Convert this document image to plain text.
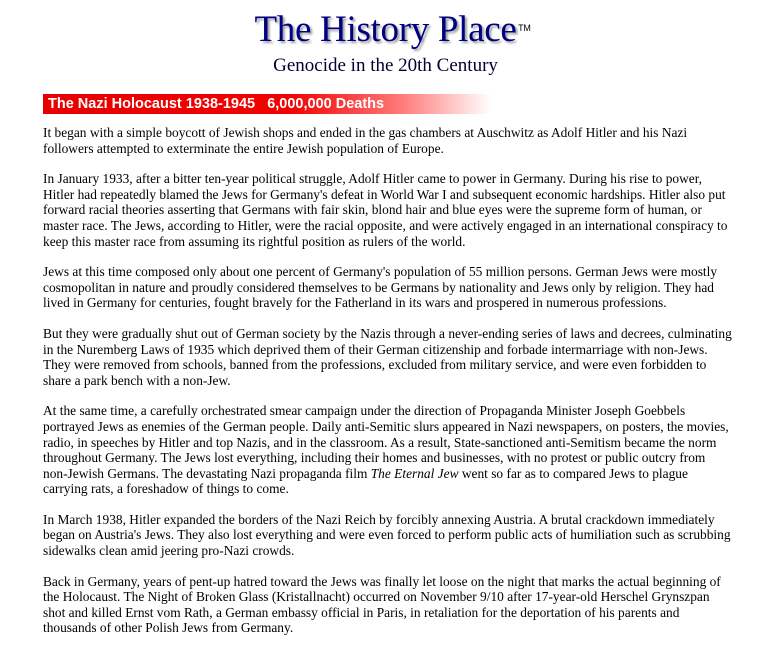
The History Place TM
Genocide in the 20th Century
The Nazi Holocaust 1938-1945   6,000,000 Deaths

It began with a simple boycott of Jewish shops and ended in the gas chambers at Auschwitz as Adolf Hitler and his Nazi followers attempted to exterminate the entire Jewish population of Europe.

In January 1933, after a bitter ten-year political struggle, Adolf Hitler came to power in Germany. During his rise to power, Hitler had repeatedly blamed the Jews for Germany's defeat in World War I and subsequent economic hardships. Hitler also put forward racial theories asserting that Germans with fair skin, blond hair and blue eyes were the supreme form of human, or master race. The Jews, according to Hitler, were the racial opposite, and were actively engaged in an international conspiracy to keep this master race from assuming its rightful position as rulers of the world.

Jews at this time composed only about one percent of Germany's population of 55 million persons. German Jews were mostly cosmopolitan in nature and proudly considered themselves to be Germans by nationality and Jews only by religion. They had lived in Germany for centuries, fought bravely for the Fatherland in its wars and prospered in numerous professions.

But they were gradually shut out of German society by the Nazis through a never-ending series of laws and decrees, culminating in the Nuremberg Laws of 1935 which deprived them of their German citizenship and forbade intermarriage with non-Jews. They were removed from schools, banned from the professions, excluded from military service, and were even forbidden to share a park bench with a non-Jew.

At the same time, a carefully orchestrated smear campaign under the direction of Propaganda Minister Joseph Goebbels portrayed Jews as enemies of the German people. Daily anti-Semitic slurs appeared in Nazi newspapers, on posters, the movies, radio, in speeches by Hitler and top Nazis, and in the classroom. As a result, State-sanctioned anti-Semitism became the norm throughout Germany. The Jews lost everything, including their homes and businesses, with no protest or public outcry from non-Jewish Germans. The devastating Nazi propaganda film The Eternal Jew went so far as to compared Jews to plague carrying rats, a foreshadow of things to come.

In March 1938, Hitler expanded the borders of the Nazi Reich by forcibly annexing Austria. A brutal crackdown immediately began on Austria's Jews. They also lost everything and were even forced to perform public acts of humiliation such as scrubbing sidewalks clean amid jeering pro-Nazi crowds.

Back in Germany, years of pent-up hatred toward the Jews was finally let loose on the night that marks the actual beginning of the Holocaust. The Night of Broken Glass (Kristallnacht) occurred on November 9/10 after 17-year-old Herschel Grynszpan shot and killed Ernst vom Rath, a German embassy official in Paris, in retaliation for the deportation of his parents and thousands of other Polish Jews from Germany.
